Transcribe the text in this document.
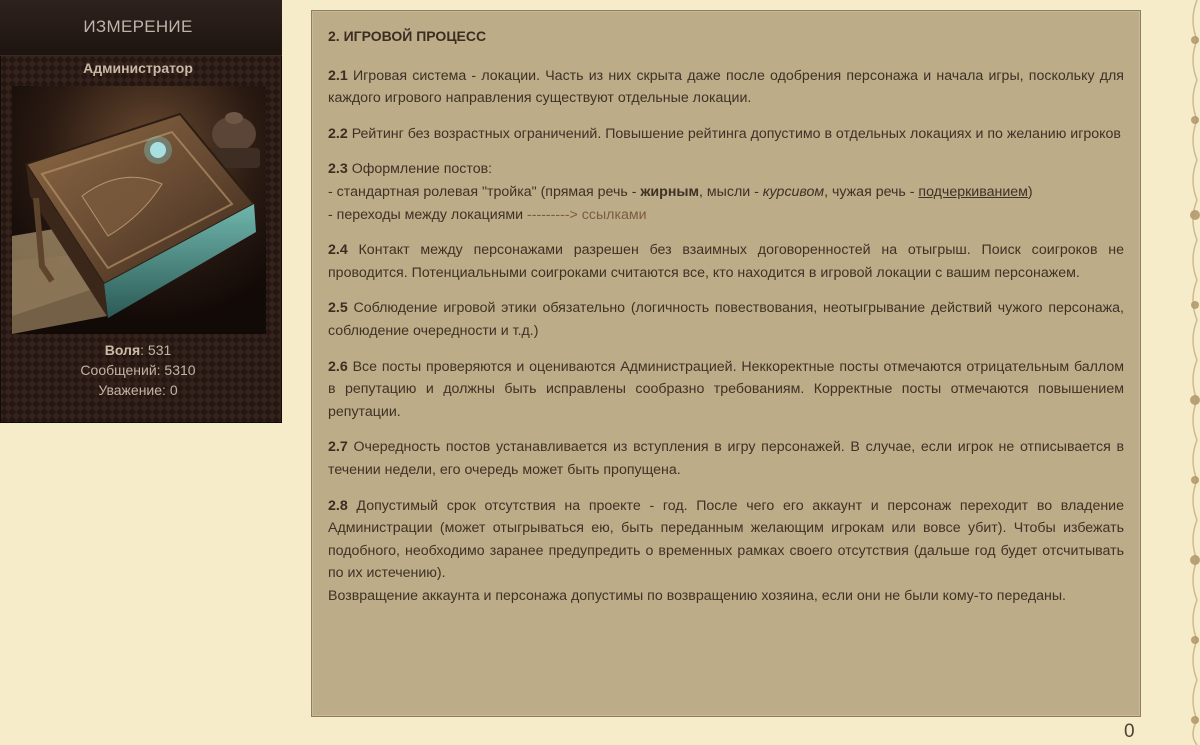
ИЗМЕРЕНИЕ
Администратор
Воля: 531
Сообщений: 5310
Уважение: 0
2. ИГРОВОЙ ПРОЦЕСС

2.1 Игровая система - локации. Часть из них скрыта даже после одобрения персонажа и начала игры, поскольку для каждого игрового направления существуют отдельные локации.

2.2 Рейтинг без возрастных ограничений. Повышение рейтинга допустимо в отдельных локациях и по желанию игроков

2.3 Оформление постов:
- стандартная ролевая "тройка" (прямая речь - жирным, мысли - курсивом, чужая речь - подчеркиванием)
- переходы между локациями ---------> ссылками

2.4 Контакт между персонажами разрешен без взаимных договоренностей на отыгрыш. Поиск соигроков не проводится. Потенциальными соигроками считаются все, кто находится в игровой локации с вашим персонажем.

2.5 Соблюдение игровой этики обязательно (логичность повествования, неотыгрывание действий чужого персонажа, соблюдение очередности и т.д.)

2.6 Все посты проверяются и оцениваются Администрацией. Неккоректные посты отмечаются отрицательным баллом в репутацию и должны быть исправлены сообразно требованиям. Корректные посты отмечаются повышением репутации.

2.7 Очередность постов устанавливается из вступления в игру персонажей. В случае, если игрок не отписывается в течении недели, его очередь может быть пропущена.

2.8 Допустимый срок отсутствия на проекте - год. После чего его аккаунт и персонаж переходит во владение Администрации (может отыгрываться ею, быть переданным желающим игрокам или вовсе убит). Чтобы избежать подобного, необходимо заранее предупредить о временных рамках своего отсутствия (дальше год будет отсчитывать по их истечению).
Возвращение аккаунта и персонажа допустимы по возвращению хозяина, если они не были кому-то переданы.

0
